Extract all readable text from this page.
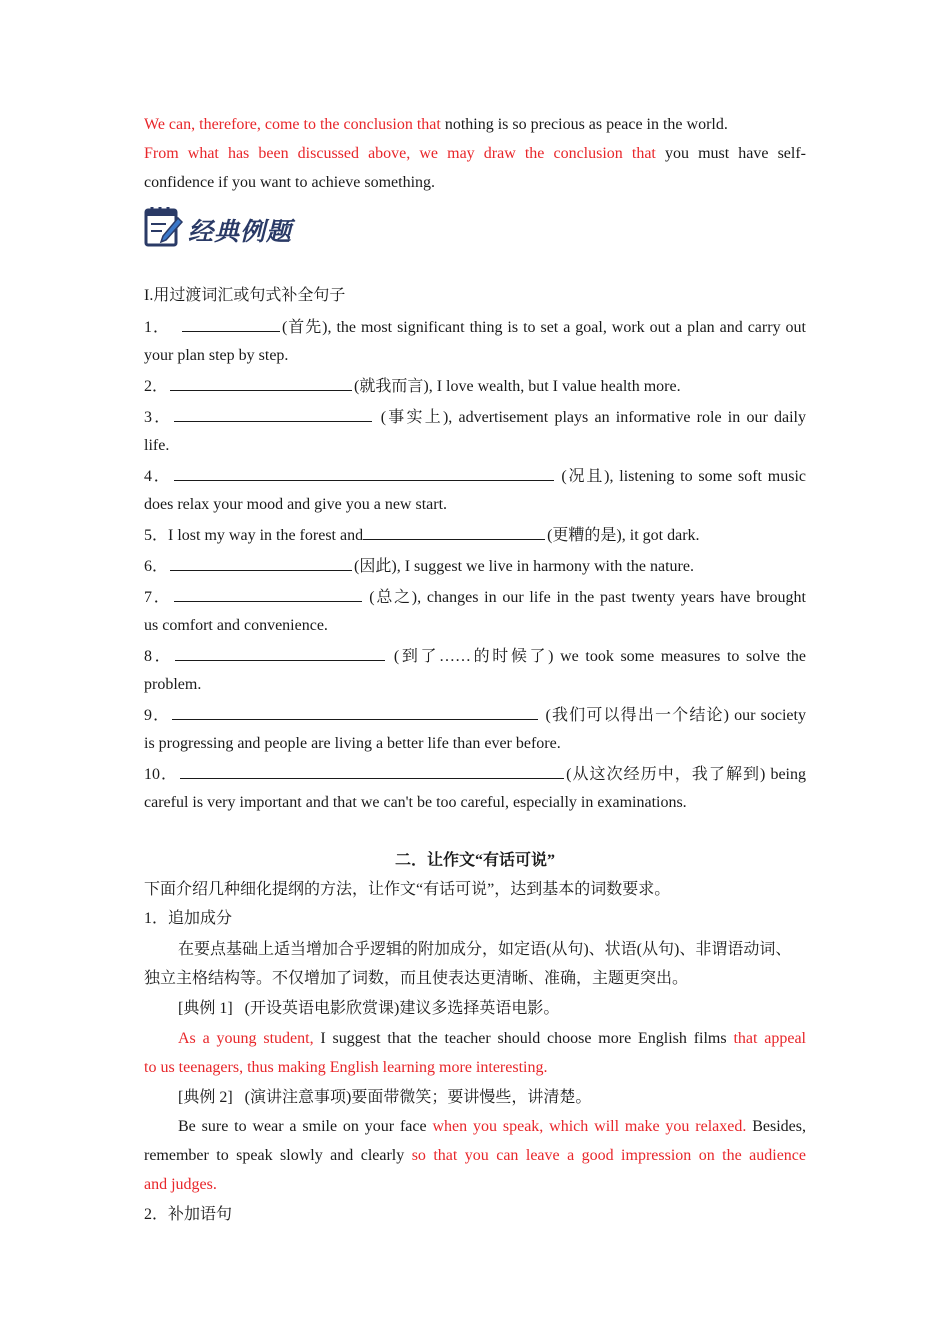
We can, therefore, come to the conclusion that nothing is so precious as peace in the world.
From what has been discussed above, we may draw the conclusion that you must have self-
confidence if you want to achieve something.
经典例题
I.用过渡词汇或句式补全句子
1．	(首先), the most significant thing is to set a goal, work out a plan and carry out
your plan step by step.
2．	(就我而言), I love wealth, but I value health more.
3．	(事实上), advertisement plays an informative role in our daily
life.
4．	(况且), listening to some soft music
does relax your mood and give you a new start.
5．I lost my way in the forest and	(更糟的是), it got dark.
6．	(因此), I suggest we live in harmony with the nature.
7．	(总之), changes in our life in the past twenty years have brought
us comfort and convenience.
8．	(到了……的时候了) we took some measures to solve the
problem.
9．	(我们可以得出一个结论) our society
is progressing and people are living a better life than ever before.
10．	(从这次经历中，我了解到) being
careful is very important and that we can't be too careful, especially in examinations.
二．让作文“有话可说”
下面介绍几种细化提纲的方法，让作文“有话可说”，达到基本的词数要求。
1．追加成分
在要点基础上适当增加合乎逻辑的附加成分，如定语(从句)、状语(从句)、非谓语动词、
独立主格结构等。不仅增加了词数，而且使表达更清晰、准确，主题更突出。
[典例 1] (开设英语电影欣赏课)建议多选择英语电影。
As a young student, I suggest that the teacher should choose more English films that appeal
to us teenagers, thus making English learning more interesting.
[典例 2] (演讲注意事项)要面带微笑；要讲慢些，讲清楚。
Be sure to wear a smile on your face when you speak, which will make you relaxed. Besides,
remember to speak slowly and clearly so that you can leave a good impression on the audience
and judges.
2．补加语句
